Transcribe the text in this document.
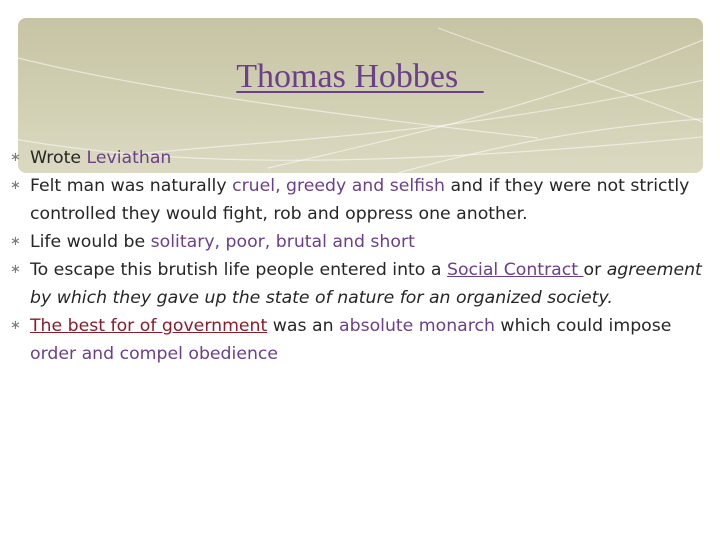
Thomas Hobbes
∗ Wrote Leviathan
∗ Felt man was naturally cruel, greedy and selfish and if they were not strictly controlled they would fight, rob and oppress one another.
∗ Life would be solitary, poor, brutal and short
∗ To escape this brutish life people entered into a Social Contract or agreement by which they gave up the state of nature for an organized society.
∗ The best for of government was an absolute monarch which could impose order and compel obedience
